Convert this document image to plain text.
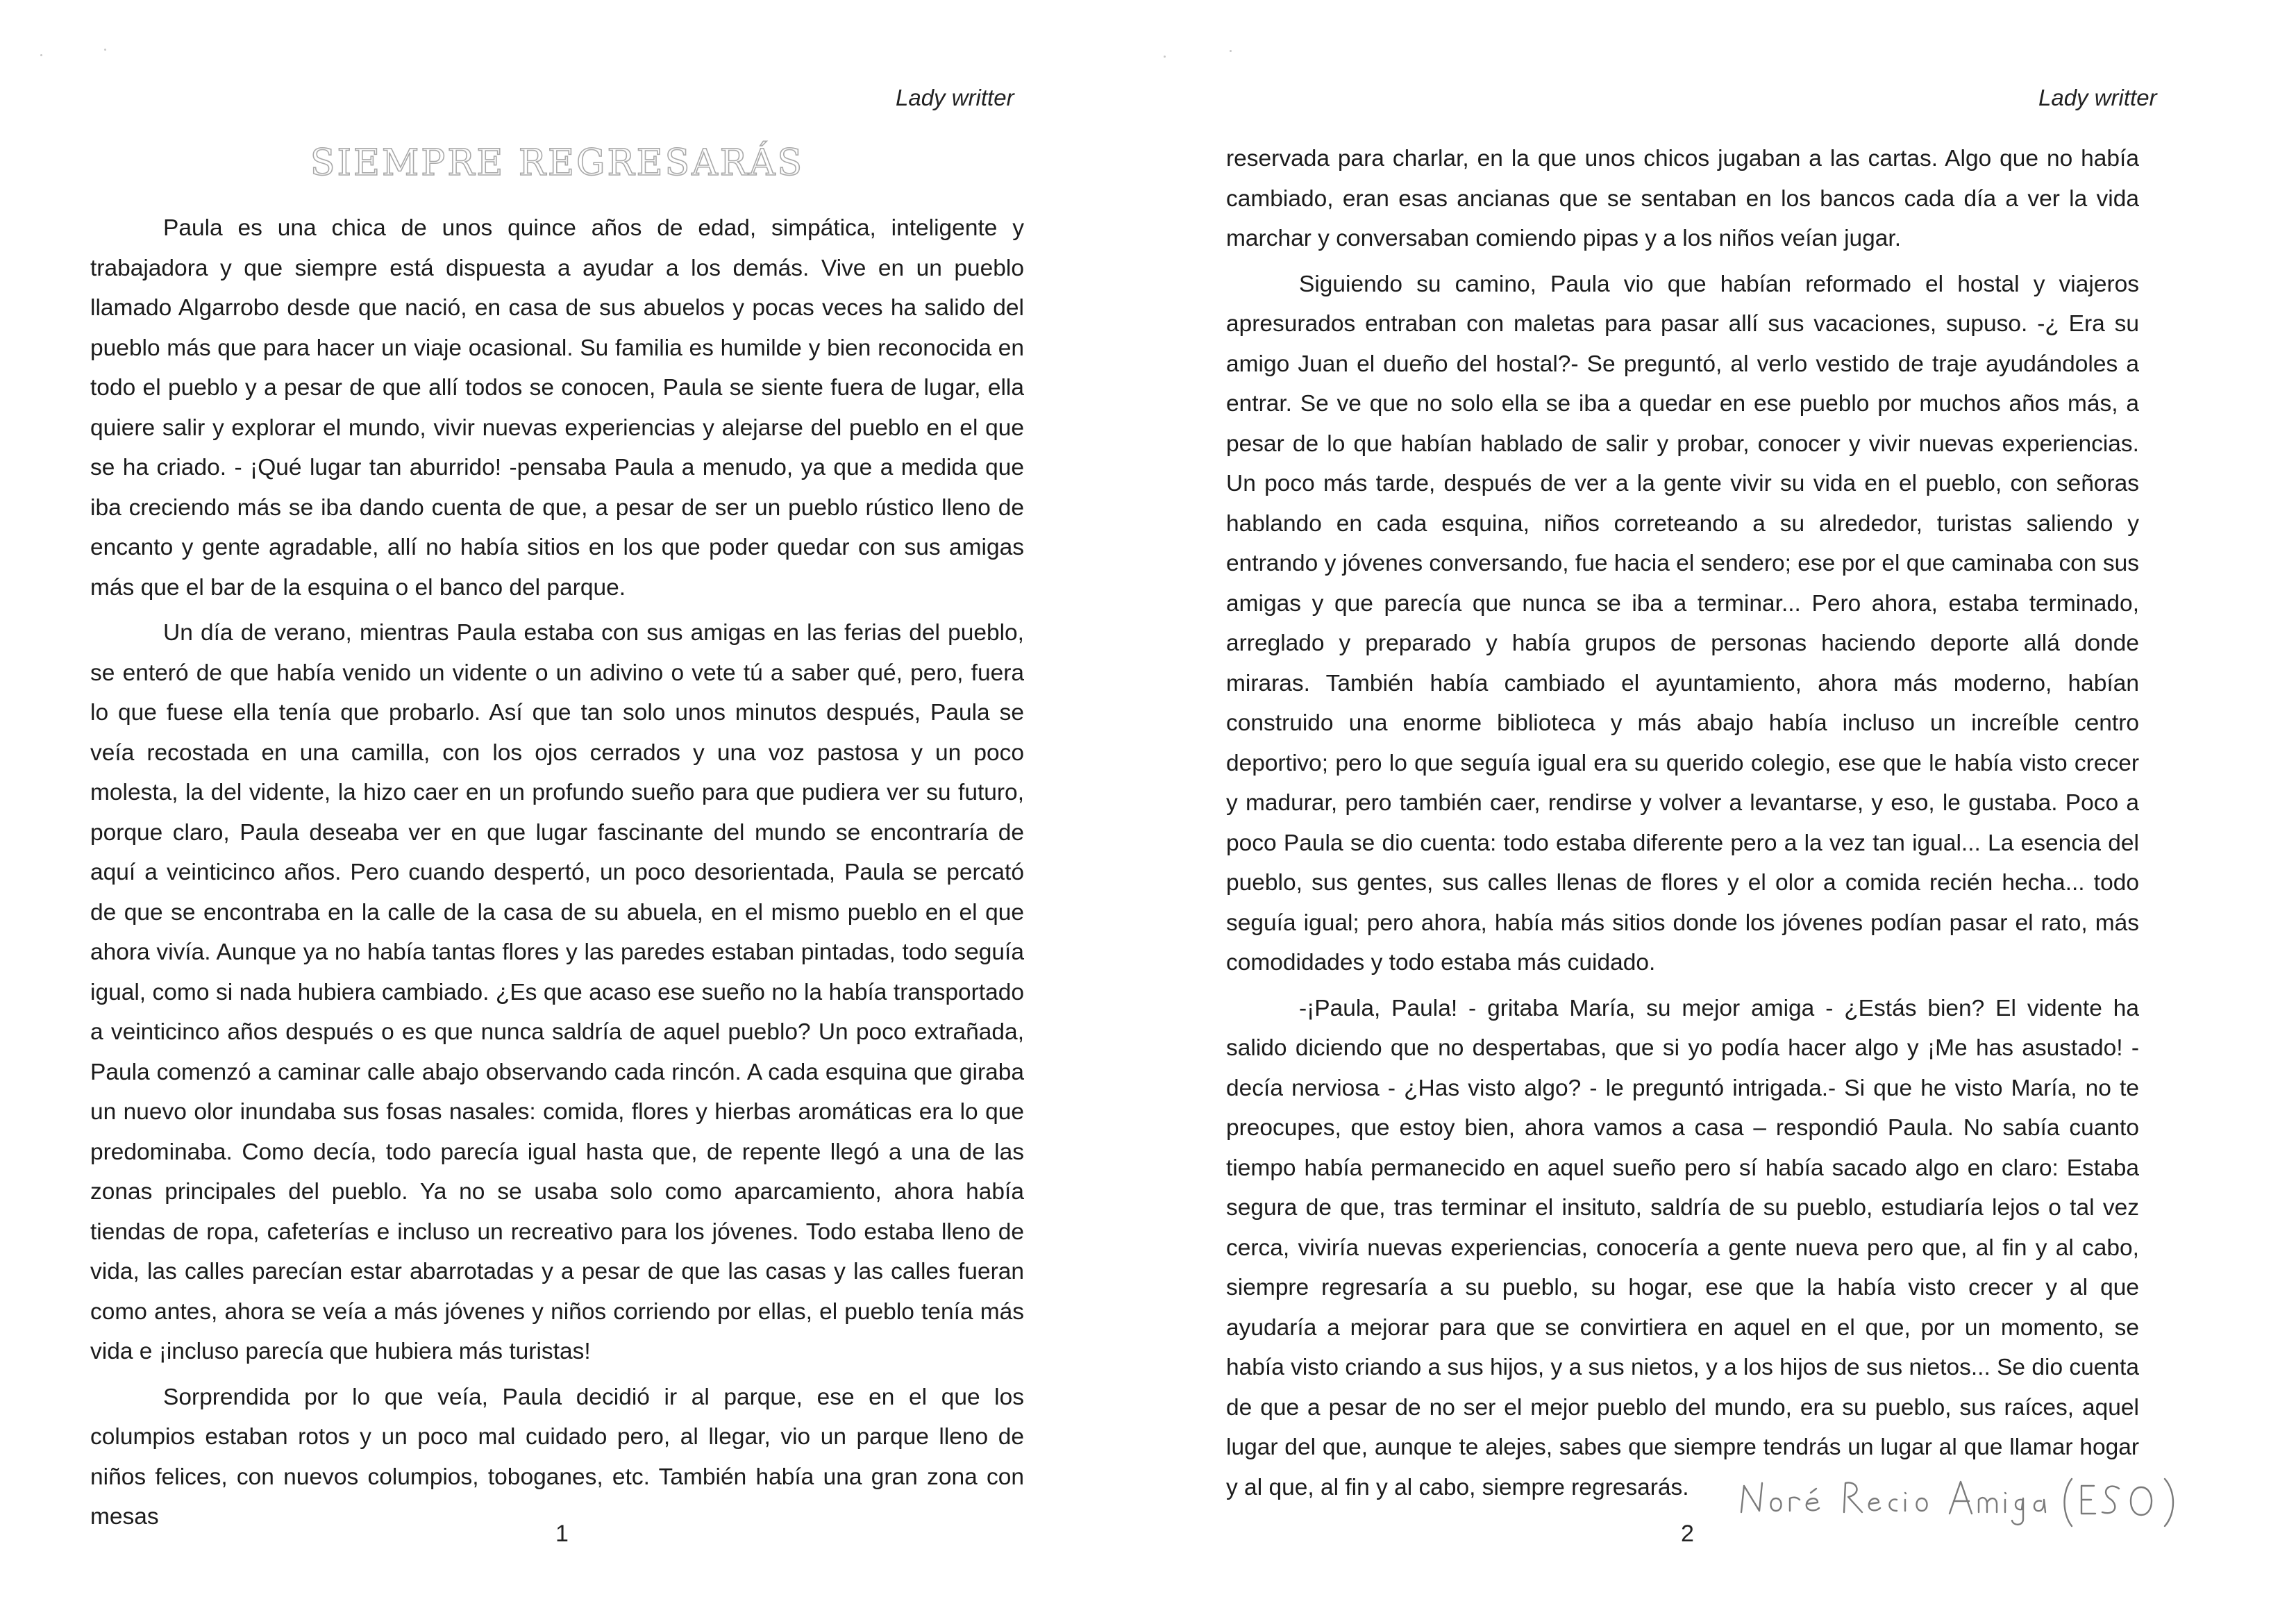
Lady writter
SIEMPRE REGRESARÁS

Paula es una chica de unos quince años de edad, simpática, inteligente y trabajadora y que siempre está dispuesta a ayudar a los demás. Vive en un pueblo llamado Algarrobo desde que nació, en casa de sus abuelos y pocas veces ha salido del pueblo más que para hacer un viaje ocasional. Su familia es humilde y bien reconocida en todo el pueblo y a pesar de que allí todos se conocen, Paula se siente fuera de lugar, ella quiere salir y explorar el mundo, vivir nuevas experiencias y alejarse del pueblo en el que se ha criado. - ¡Qué lugar tan aburrido! -pensaba Paula a menudo, ya que a medida que iba creciendo más se iba dando cuenta de que, a pesar de ser un pueblo rústico lleno de encanto y gente agradable, allí no había sitios en los que poder quedar con sus amigas más que el bar de la esquina o el banco del parque.

Un día de verano, mientras Paula estaba con sus amigas en las ferias del pueblo, se enteró de que había venido un vidente o un adivino o vete tú a saber qué, pero, fuera lo que fuese ella tenía que probarlo. Así que tan solo unos minutos después, Paula se veía recostada en una camilla, con los ojos cerrados y una voz pastosa y un poco molesta, la del vidente, la hizo caer en un profundo sueño para que pudiera ver su futuro, porque claro, Paula deseaba ver en que lugar fascinante del mundo se encontraría de aquí a veinticinco años. Pero cuando despertó, un poco desorientada, Paula se percató de que se encontraba en la calle de la casa de su abuela, en el mismo pueblo en el que ahora vivía. Aunque ya no había tantas flores y las paredes estaban pintadas, todo seguía igual, como si nada hubiera cambiado. ¿Es que acaso ese sueño no la había transportado a veinticinco años después o es que nunca saldría de aquel pueblo? Un poco extrañada, Paula comenzó a caminar calle abajo observando cada rincón. A cada esquina que giraba un nuevo olor inundaba sus fosas nasales: comida, flores y hierbas aromáticas era lo que predominaba. Como decía, todo parecía igual hasta que, de repente llegó a una de las zonas principales del pueblo. Ya no se usaba solo como aparcamiento, ahora había tiendas de ropa, cafeterías e incluso un recreativo para los jóvenes. Todo estaba lleno de vida, las calles parecían estar abarrotadas y a pesar de que las casas y las calles fueran como antes, ahora se veía a más jóvenes y niños corriendo por ellas, el pueblo tenía más vida e ¡incluso parecía que hubiera más turistas!

Sorprendida por lo que veía, Paula decidió ir al parque, ese en el que los columpios estaban rotos y un poco mal cuidado pero, al llegar, vio un parque lleno de niños felices, con nuevos columpios, toboganes, etc. También había una gran zona con mesas

1
Lady writter

reservada para charlar, en la que unos chicos jugaban a las cartas. Algo que no había cambiado, eran esas ancianas que se sentaban en los bancos cada día a ver la vida marchar y conversaban comiendo pipas y a los niños veían jugar.

Siguiendo su camino, Paula vio que habían reformado el hostal y viajeros apresurados entraban con maletas para pasar allí sus vacaciones, supuso. -¿ Era su amigo Juan el dueño del hostal?- Se preguntó, al verlo vestido de traje ayudándoles a entrar. Se ve que no solo ella se iba a quedar en ese pueblo por muchos años más, a pesar de lo que habían hablado de salir y probar, conocer y vivir nuevas experiencias. Un poco más tarde, después de ver a la gente vivir su vida en el pueblo, con señoras hablando en cada esquina, niños correteando a su alrededor, turistas saliendo y entrando y jóvenes conversando, fue hacia el sendero; ese por el que caminaba con sus amigas y que parecía que nunca se iba a terminar... Pero ahora, estaba terminado, arreglado y preparado y había grupos de personas haciendo deporte allá donde miraras. También había cambiado el ayuntamiento, ahora más moderno, habían construido una enorme biblioteca y más abajo había incluso un increíble centro deportivo; pero lo que seguía igual era su querido colegio, ese que le había visto crecer y madurar, pero también caer, rendirse y volver a levantarse, y eso, le gustaba. Poco a poco Paula se dio cuenta: todo estaba diferente pero a la vez tan igual... La esencia del pueblo, sus gentes, sus calles llenas de flores y el olor a comida recién hecha... todo seguía igual; pero ahora, había más sitios donde los jóvenes podían pasar el rato, más comodidades y todo estaba más cuidado.

-¡Paula, Paula! - gritaba María, su mejor amiga - ¿Estás bien? El vidente ha salido diciendo que no despertabas, que si yo podía hacer algo y ¡Me has asustado! - decía nerviosa - ¿Has visto algo? - le preguntó intrigada.- Si que he visto María, no te preocupes, que estoy bien, ahora vamos a casa – respondió Paula. No sabía cuanto tiempo había permanecido en aquel sueño pero sí había sacado algo en claro: Estaba segura de que, tras terminar el insituto, saldría de su pueblo, estudiaría lejos o tal vez cerca, viviría nuevas experiencias, conocería a gente nueva pero que, al fin y al cabo, siempre regresaría a su pueblo, su hogar, ese que la había visto crecer y al que ayudaría a mejorar para que se convirtiera en aquel en el que, por un momento, se había visto criando a sus hijos, y a sus nietos, y a los hijos de sus nietos... Se dio cuenta de que a pesar de no ser el mejor pueblo del mundo, era su pueblo, sus raíces, aquel lugar del que, aunque te alejes, sabes que siempre tendrás un lugar al que llamar hogar y al que, al fin y al cabo, siempre regresarás.

2
